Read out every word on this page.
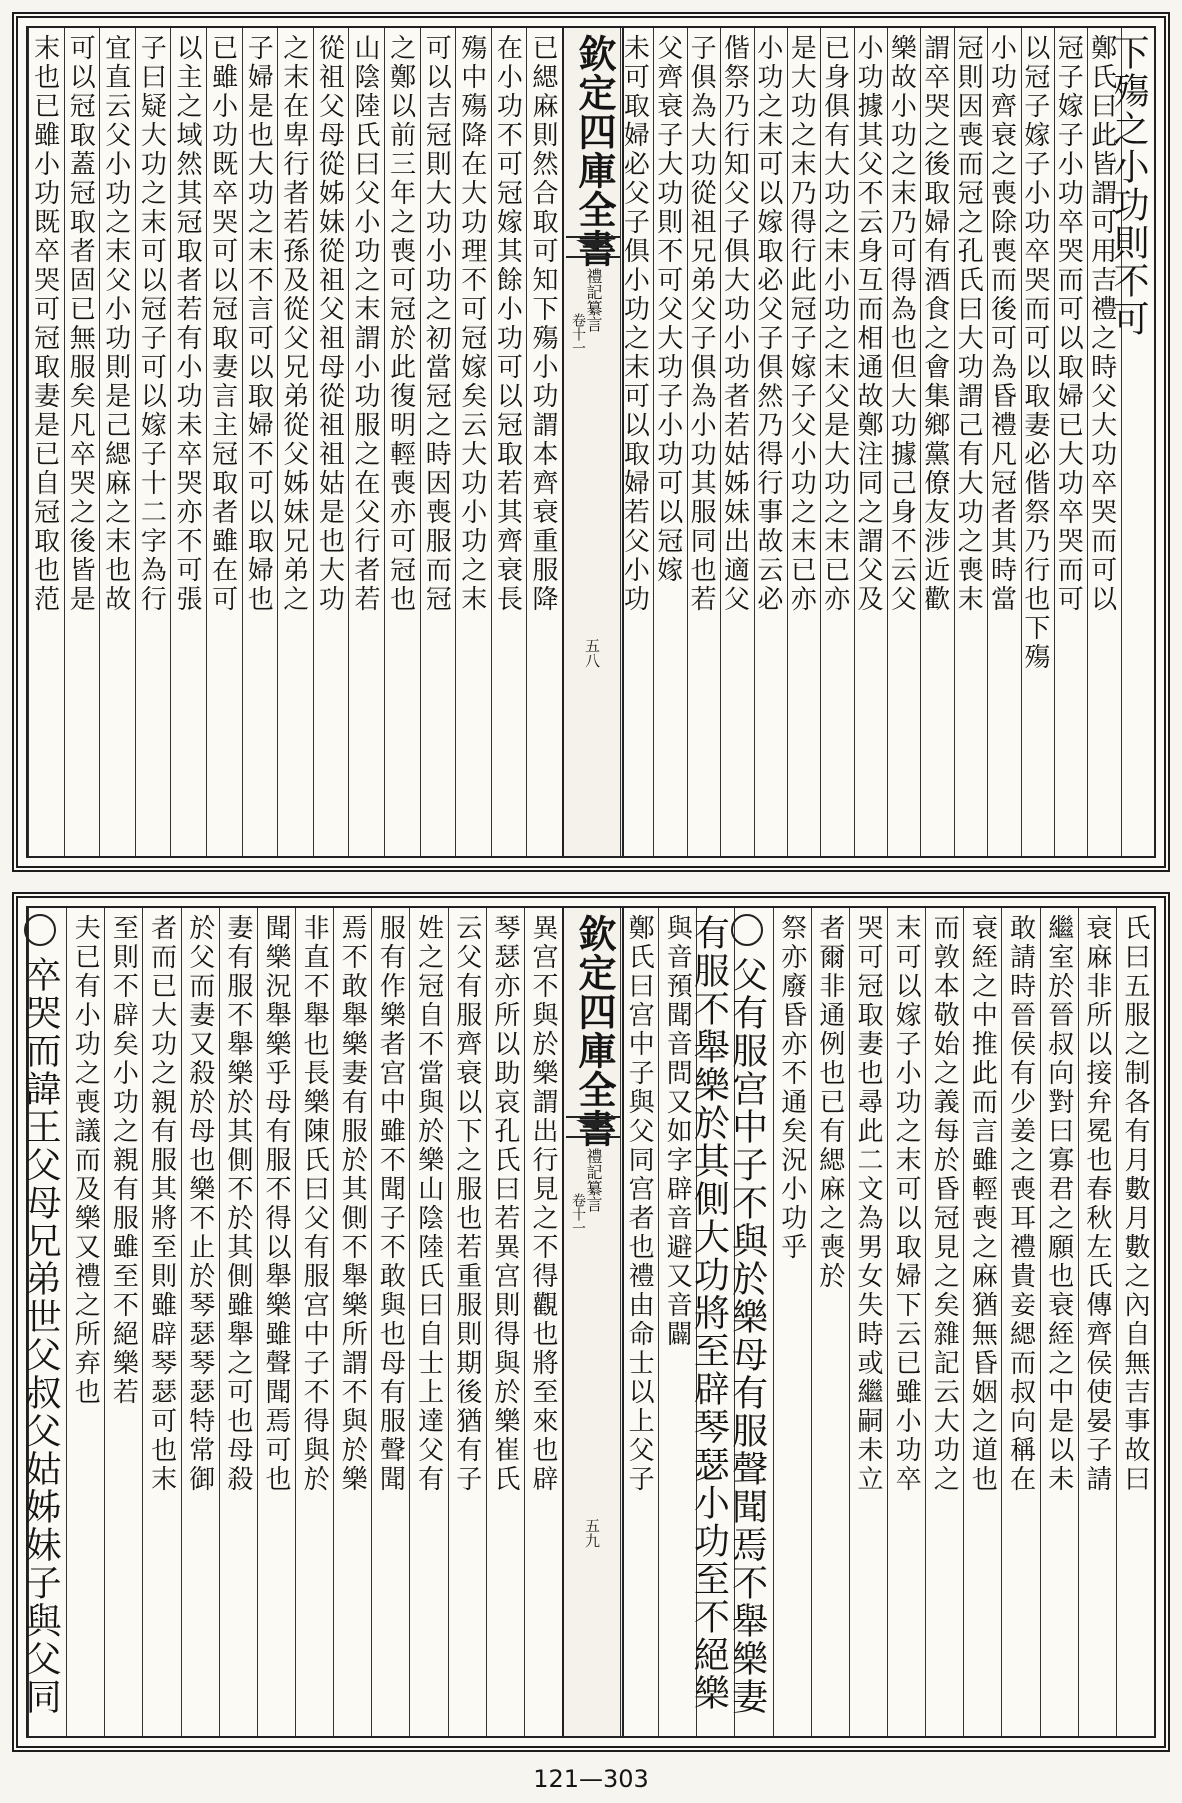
欽定四庫全書
禮記纂言
卷十一
五八
下殤之小功則不可
鄭氏曰此皆謂可用吉禮之時父大功卒哭而可以
冠子嫁子小功卒哭而可以取婦已大功卒哭而可
以冠子嫁子小功卒哭而可以取妻必偕祭乃行也下殤
小功齊衰之喪除喪而後可為昏禮凡冠者其時當
冠則因喪而冠之孔氏曰大功謂己有大功之喪末
謂卒哭之後取婦有酒食之會集鄉黨僚友涉近歡
樂故小功之末乃可得為也但大功據己身不云父
小功據其父不云身互而相通故鄭注同之謂父及
已身俱有大功之末小功之末父是大功之末已亦
是大功之末乃得行此冠子嫁子父小功之末已亦
小功之末可以嫁取必父子俱然乃得行事故云必
偕祭乃行知父子俱大功小功者若姑姊妹出適父
子俱為大功從祖兄弟父子俱為小功其服同也若
父齊衰子大功則不可父大功子小功可以冠嫁
未可取婦必父子俱小功之末可以取婦若父小功
已緦麻則然合取可知下殤小功謂本齊衰重服降
在小功不可冠嫁其餘小功可以冠取若其齊衰長
殤中殤降在大功理不可冠嫁矣云大功小功之末
可以吉冠則大功小功之初當冠之時因喪服而冠
之鄭以前三年之喪可冠於此復明輕喪亦可冠也
山陰陸氏曰父小功之末謂小功服之在父行者若
從祖父母從姊妹從祖父祖母從祖祖姑是也大功
之末在卑行者若孫及從父兄弟從父姊妹兄弟之
子婦是也大功之末不言可以取婦不可以取婦也
已雖小功既卒哭可以冠取妻言主冠取者雖在可
以主之域然其冠取者若有小功未卒哭亦不可張
子曰疑大功之末可以冠子可以嫁子十二字為行
宜直云父小功之末父小功則是己緦麻之末也故
可以冠取蓋冠取者固已無服矣凡卒哭之後皆是
末也已雖小功既卒哭可冠取妻是已自冠取也范
欽定四庫全書
禮記纂言
卷十一
五九
氏曰五服之制各有月數月數之內自無吉事故曰
衰麻非所以接弁冕也春秋左氏傳齊侯使晏子請
繼室於晉叔向對曰寡君之願也衰絰之中是以未
敢請時晉侯有少姜之喪耳禮貴妾緦而叔向稱在
衰絰之中推此而言雖輕喪之麻猶無昏姻之道也
而敦本敬始之義每於昏冠見之矣雜記云大功之
末可以嫁子小功之末可以取婦下云已雖小功卒
哭可冠取妻也尋此二文為男女失時或繼嗣未立
者爾非通例也已有緦麻之喪於
祭亦廢昏亦不通矣況小功乎
父有服宫中子不與於樂母有服聲聞焉不舉樂妻
有服不舉樂於其側大功將至辟琴瑟小功至不絕樂
與音預聞音問又如字辟音避又音闢
鄭氏曰宫中子與父同宫者也禮由命士以上父子
異宫不與於樂謂出行見之不得觀也將至來也辟
琴瑟亦所以助哀孔氏曰若異宫則得與於樂崔氏
云父有服齊衰以下之服也若重服則期後猶有子
姓之冠自不當與於樂山陰陸氏曰自士上達父有
服有作樂者宫中雖不聞子不敢與也母有服聲聞
焉不敢舉樂妻有服於其側不舉樂所謂不與於樂
非直不舉也長樂陳氏曰父有服宫中子不得與於
聞樂況舉樂乎母有服不得以舉樂雖聲聞焉可也
妻有服不舉樂於其側不於其側雖舉之可也母殺
於父而妻又殺於母也樂不止於琴瑟琴瑟特常御
者而已大功之親有服其將至則雖辟琴瑟可也末
至則不辟矣小功之親有服雖至不絕樂若
夫已有小功之喪議而及樂又禮之所弃也
卒哭而諱王父母兄弟世父叔父姑姊妹子與父同
121—303
